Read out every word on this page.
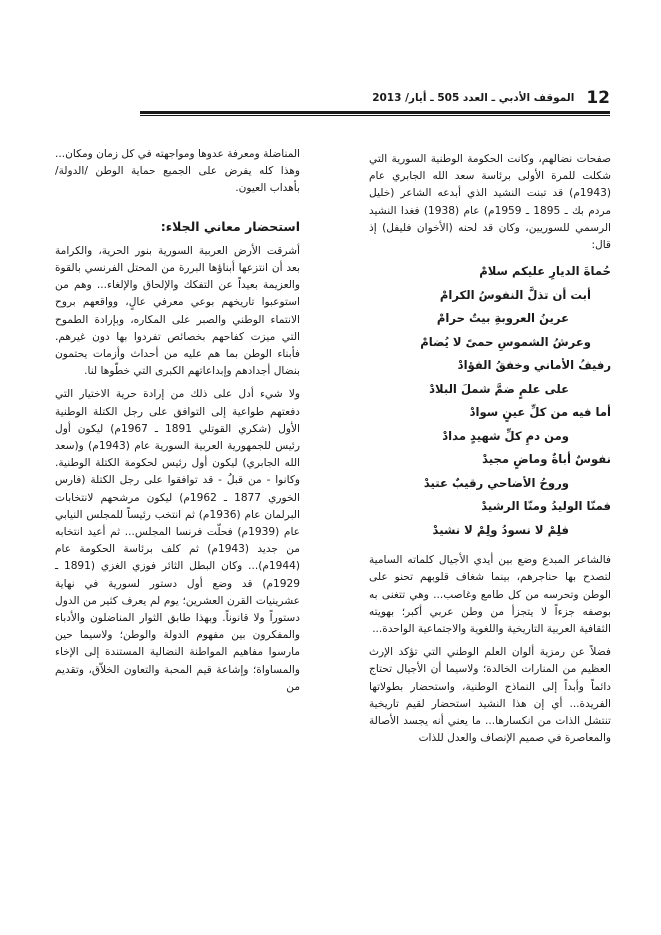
12
الموقف الأدبي ـ العدد 505 ـ أيار/ 2013

صفحات نضالهم، وكانت الحكومة الوطنية السورية التي شكلت للمرة الأولى برئاسة سعد الله الجابري عام (1943م) قد تبنت النشيد الذي أبدعه الشاعر (خليل مردم بك ـ 1895 ـ 1959م) عام (1938) فغدا النشيد الرسمي للسوريين، وكان قد لحنه (الأخوان فليفل) إذ قال:

حُماةَ الديارِ عليكم سلامْ
أبت أن تذلَّ النفوسُ الكرامْ
عرينُ العروبةِ بيتٌ حرامْ
وعرشُ الشموسِ حمىً لا يُضامْ
رفيفُ الأماني وخفقُ الفؤادْ
على علمٍ ضمَّ شملَ البلادْ
أما فيه من كلِّ عينٍ سوادْ
ومن دمِ كلِّ شهيدٍ مدادْ
نفوسٌ أباةٌ وماضٍ مجيدْ
وروحُ الأضاحي رقيبٌ عتيدْ
فمنّا الوليدُ ومنّا الرشيدْ
فلِمْ لا نسودُ ولِمْ لا نشيدْ

فالشاعر المبدع وضع بين أيدي الأجيال كلماته السامية لتصدح بها حناجرهم، بينما شغاف قلوبهم تحنو على الوطن وتحرسه من كل طامع وغاصب... وهي تتغنى به بوصفه جزءاً لا يتجزأ من وطن عربي أكبر؛ بهويته الثقافية العربية التاريخية واللغوية والاجتماعية الواحدة...

فضلاً عن رمزية ألوان العلم الوطني التي تؤكد الإرث العظيم من المنارات الخالدة؛ ولاسيما أن الأجيال تحتاج دائماً وأبداً إلى النماذج الوطنية، واستحضار بطولاتها الفريدة... أي إن هذا النشيد استحضار لقيم تاريخية تنتشل الذات من انكسارها... ما يعني أنه يجسد الأصالة والمعاصرة في صميم الإنصاف والعدل للذات

المناضلة ومعرفة عدوها ومواجهته في كل زمان ومكان... وهذا كله يفرض على الجميع حماية الوطن /الدولة/ بأهداب العيون.

استحضار معاني الجلاء:

أشرقت الأرض العربية السورية بنور الحرية، والكرامة بعد أن انتزعها أبناؤها البررة من المحتل الفرنسي بالقوة والعزيمة بعيداً عن التفكك والإلحاق والإلغاء... وهم من استوعبوا تاريخهم بوعي معرفي عالٍ، وواقعهم بروح الانتماء الوطني والصبر على المكاره، وبإرادة الطموح التي ميزت كفاحهم بخصائص تفردوا بها دون غيرهم. فأبناء الوطن بما هم عليه من أحداث وأزمات يحتمون بنضال أجدادهم وإبداعاتهم الكبرى التي خطّوها لنا.

ولا شيء أدل على ذلك من إرادة حرية الاختيار التي دفعتهم طواعية إلى التوافق على رجل الكتلة الوطنية الأول (شكري القوتلي 1891 ـ 1967م) ليكون أول رئيس للجمهورية العربية السورية عام (1943م) و(سعد الله الجابري) ليكون أول رئيس لحكومة الكتلة الوطنية. وكانوا - من قبلُ - قد توافقوا على رجل الكتلة (فارس الخوري 1877 ـ 1962م) ليكون مرشحهم لانتخابات البرلمان عام (1936م) ثم انتخب رئيساً للمجلس النيابي عام (1939م) فحلّت فرنسا المجلس... ثم أعيد انتخابه من جديد (1943م) ثم كلف برئاسة الحكومة عام (1944م)... وكان البطل الثائر فوزي الغزي (1891 ـ 1929م) قد وضع أول دستور لسورية في نهاية عشرينيات القرن العشرين؛ يوم لم يعرف كثير من الدول دستوراً ولا قانوناً. وبهذا طابق الثوار المناضلون والأدباء والمفكرون بين مفهوم الدولة والوطن؛ ولاسيما حين مارسوا مفاهيم المواطنة النضالية المستندة إلى الإخاء والمساواة؛ وإشاعة قيم المحبة والتعاون الخلاّق، وتقديم من
